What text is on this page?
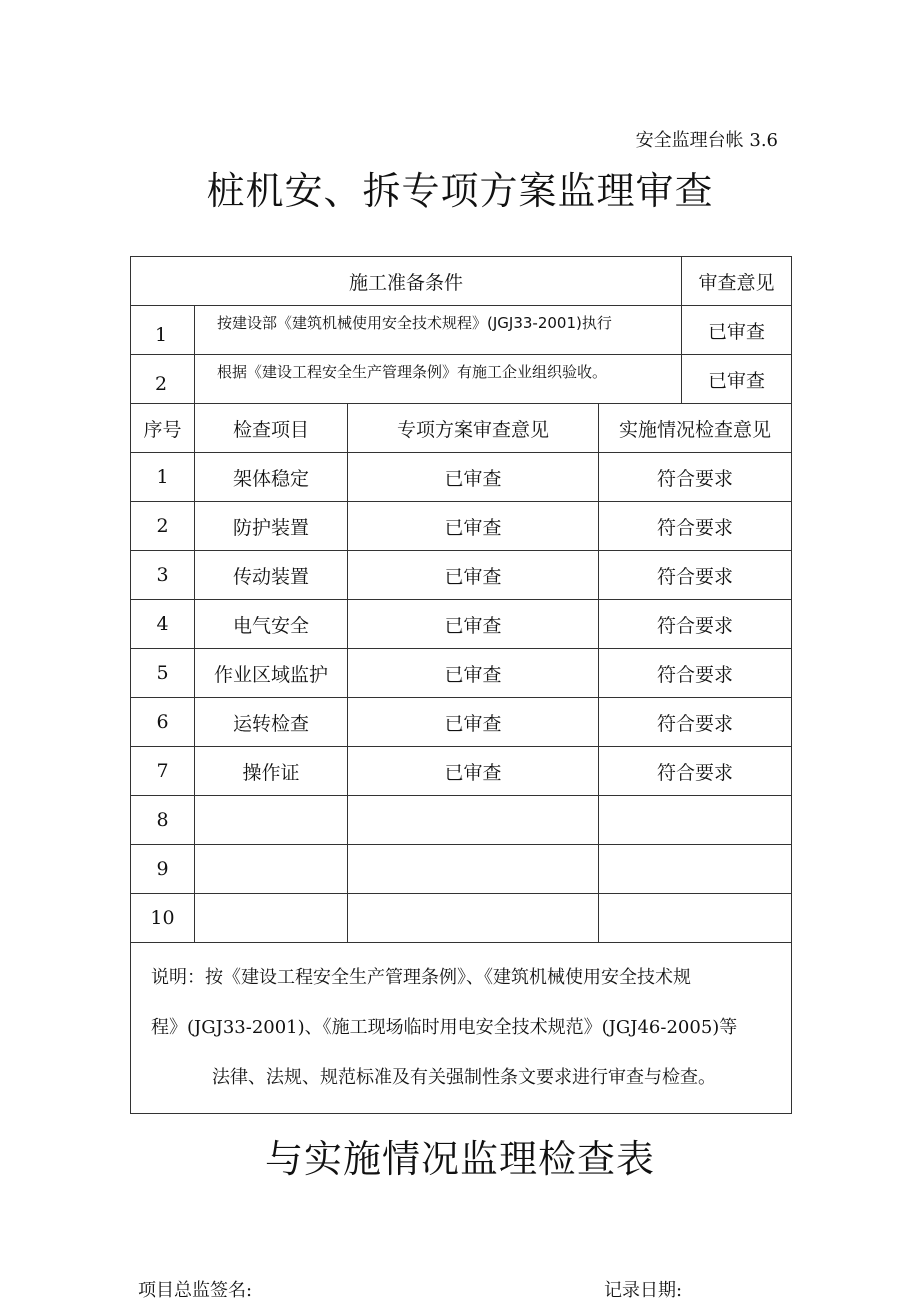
安全监理台帐 3.6
桩机安、拆专项方案监理审查
施工准备条件				审查意见
1	按建设部《建筑机械使用安全技术规程》(JGJ33-2001)执行			已审查
2	根据《建设工程安全生产管理条例》有施工企业组织验收。			已审查
序号	检查项目	专项方案审查意见	实施情况检查意见	
1	架体稳定	已审查	符合要求	
2	防护装置	已审查	符合要求	
3	传动装置	已审查	符合要求	
4	电气安全	已审查	符合要求	
5	作业区域监护	已审查	符合要求	
6	运转检查	已审查	符合要求	
7	操作证	已审查	符合要求	
8				
9				
10				

说明：按《建设工程安全生产管理条例》、《建筑机械使用安全技术规
程》(JGJ33-2001)、《施工现场临时用电安全技术规范》(JGJ46-2005)等
法律、法规、规范标准及有关强制性条文要求进行审查与检查。				
与实施情况监理检查表
项目总监签名:	记录日期:
